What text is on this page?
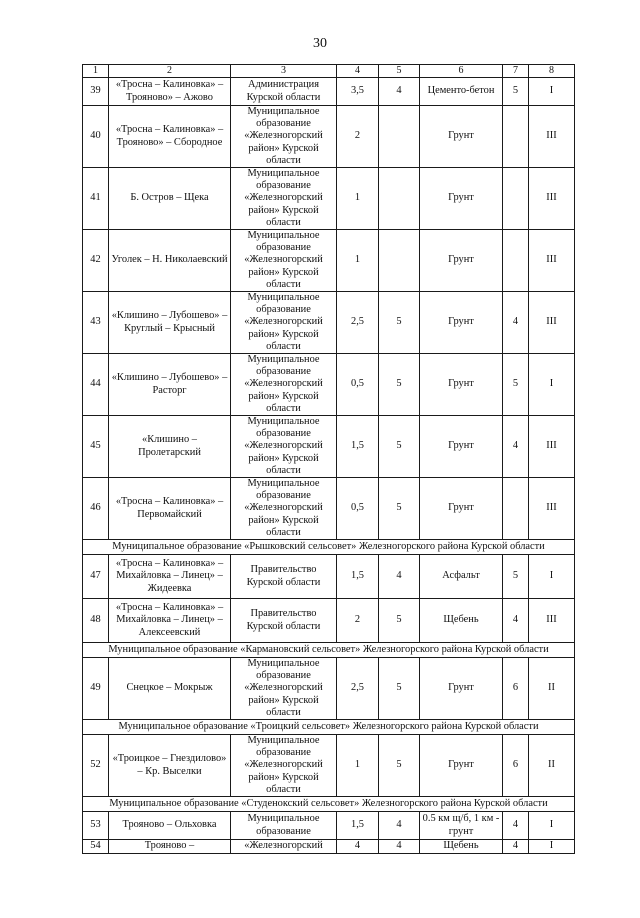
30
1	2	3	4	5	6	7	8
39	«Тросна – Калиновка» – Трояново» – Ажово	Администрация Курской области	3,5	4	Цементо-бетон	5	I
40	«Тросна – Калиновка» – Трояново» – Сбородное	Муниципальное образование «Железногорский район» Курской области	2		Грунт		III
41	Б. Остров – Щека	Муниципальное образование «Железногорский район» Курской области	1		Грунт		III
42	Уголек – Н. Николаевский	Муниципальное образование «Железногорский район» Курской области	1		Грунт		III
43	«Клишино – Лубошево» – Круглый – Крысный	Муниципальное образование «Железногорский район» Курской области	2,5	5	Грунт	4	III
44	«Клишино – Лубошево» – Расторг	Муниципальное образование «Железногорский район» Курской области	0,5	5	Грунт	5	I
45	«Клишино – Пролетарский	Муниципальное образование «Железногорский район» Курской области	1,5	5	Грунт	4	III
46	«Тросна – Калиновка» – Первомайский	Муниципальное образование «Железногорский район» Курской области	0,5	5	Грунт		III
Муниципальное образование «Рышковский сельсовет» Железногорского района Курской области							
47	«Тросна – Калиновка» – Михайловка – Линец» – Жидеевка	Правительство Курской области	1,5	4	Асфальт	5	I
48	«Тросна – Калиновка» – Михайловка – Линец» – Алексеевский	Правительство Курской области	2	5	Щебень	4	III
Муниципальное образование «Кармановский сельсовет» Железногорского района Курской области							
49	Снецкое – Мокрыж	Муниципальное образование «Железногорский район» Курской области	2,5	5	Грунт	6	II
Муниципальное образование «Троицкий сельсовет» Железногорского района Курской области							
52	«Троицкое – Гнездилово» – Кр. Выселки	Муниципальное образование «Железногорский район» Курской области	1	5	Грунт	6	II
Муниципальное образование «Студенокский сельсовет» Железногорского района Курской области							
53	Трояново – Ольховка	Муниципальное образование	1,5	4	0.5 км щ/б, 1 км - грунт	4	I
54	Трояново –	«Железногорский	4	4	Щебень	4	I
